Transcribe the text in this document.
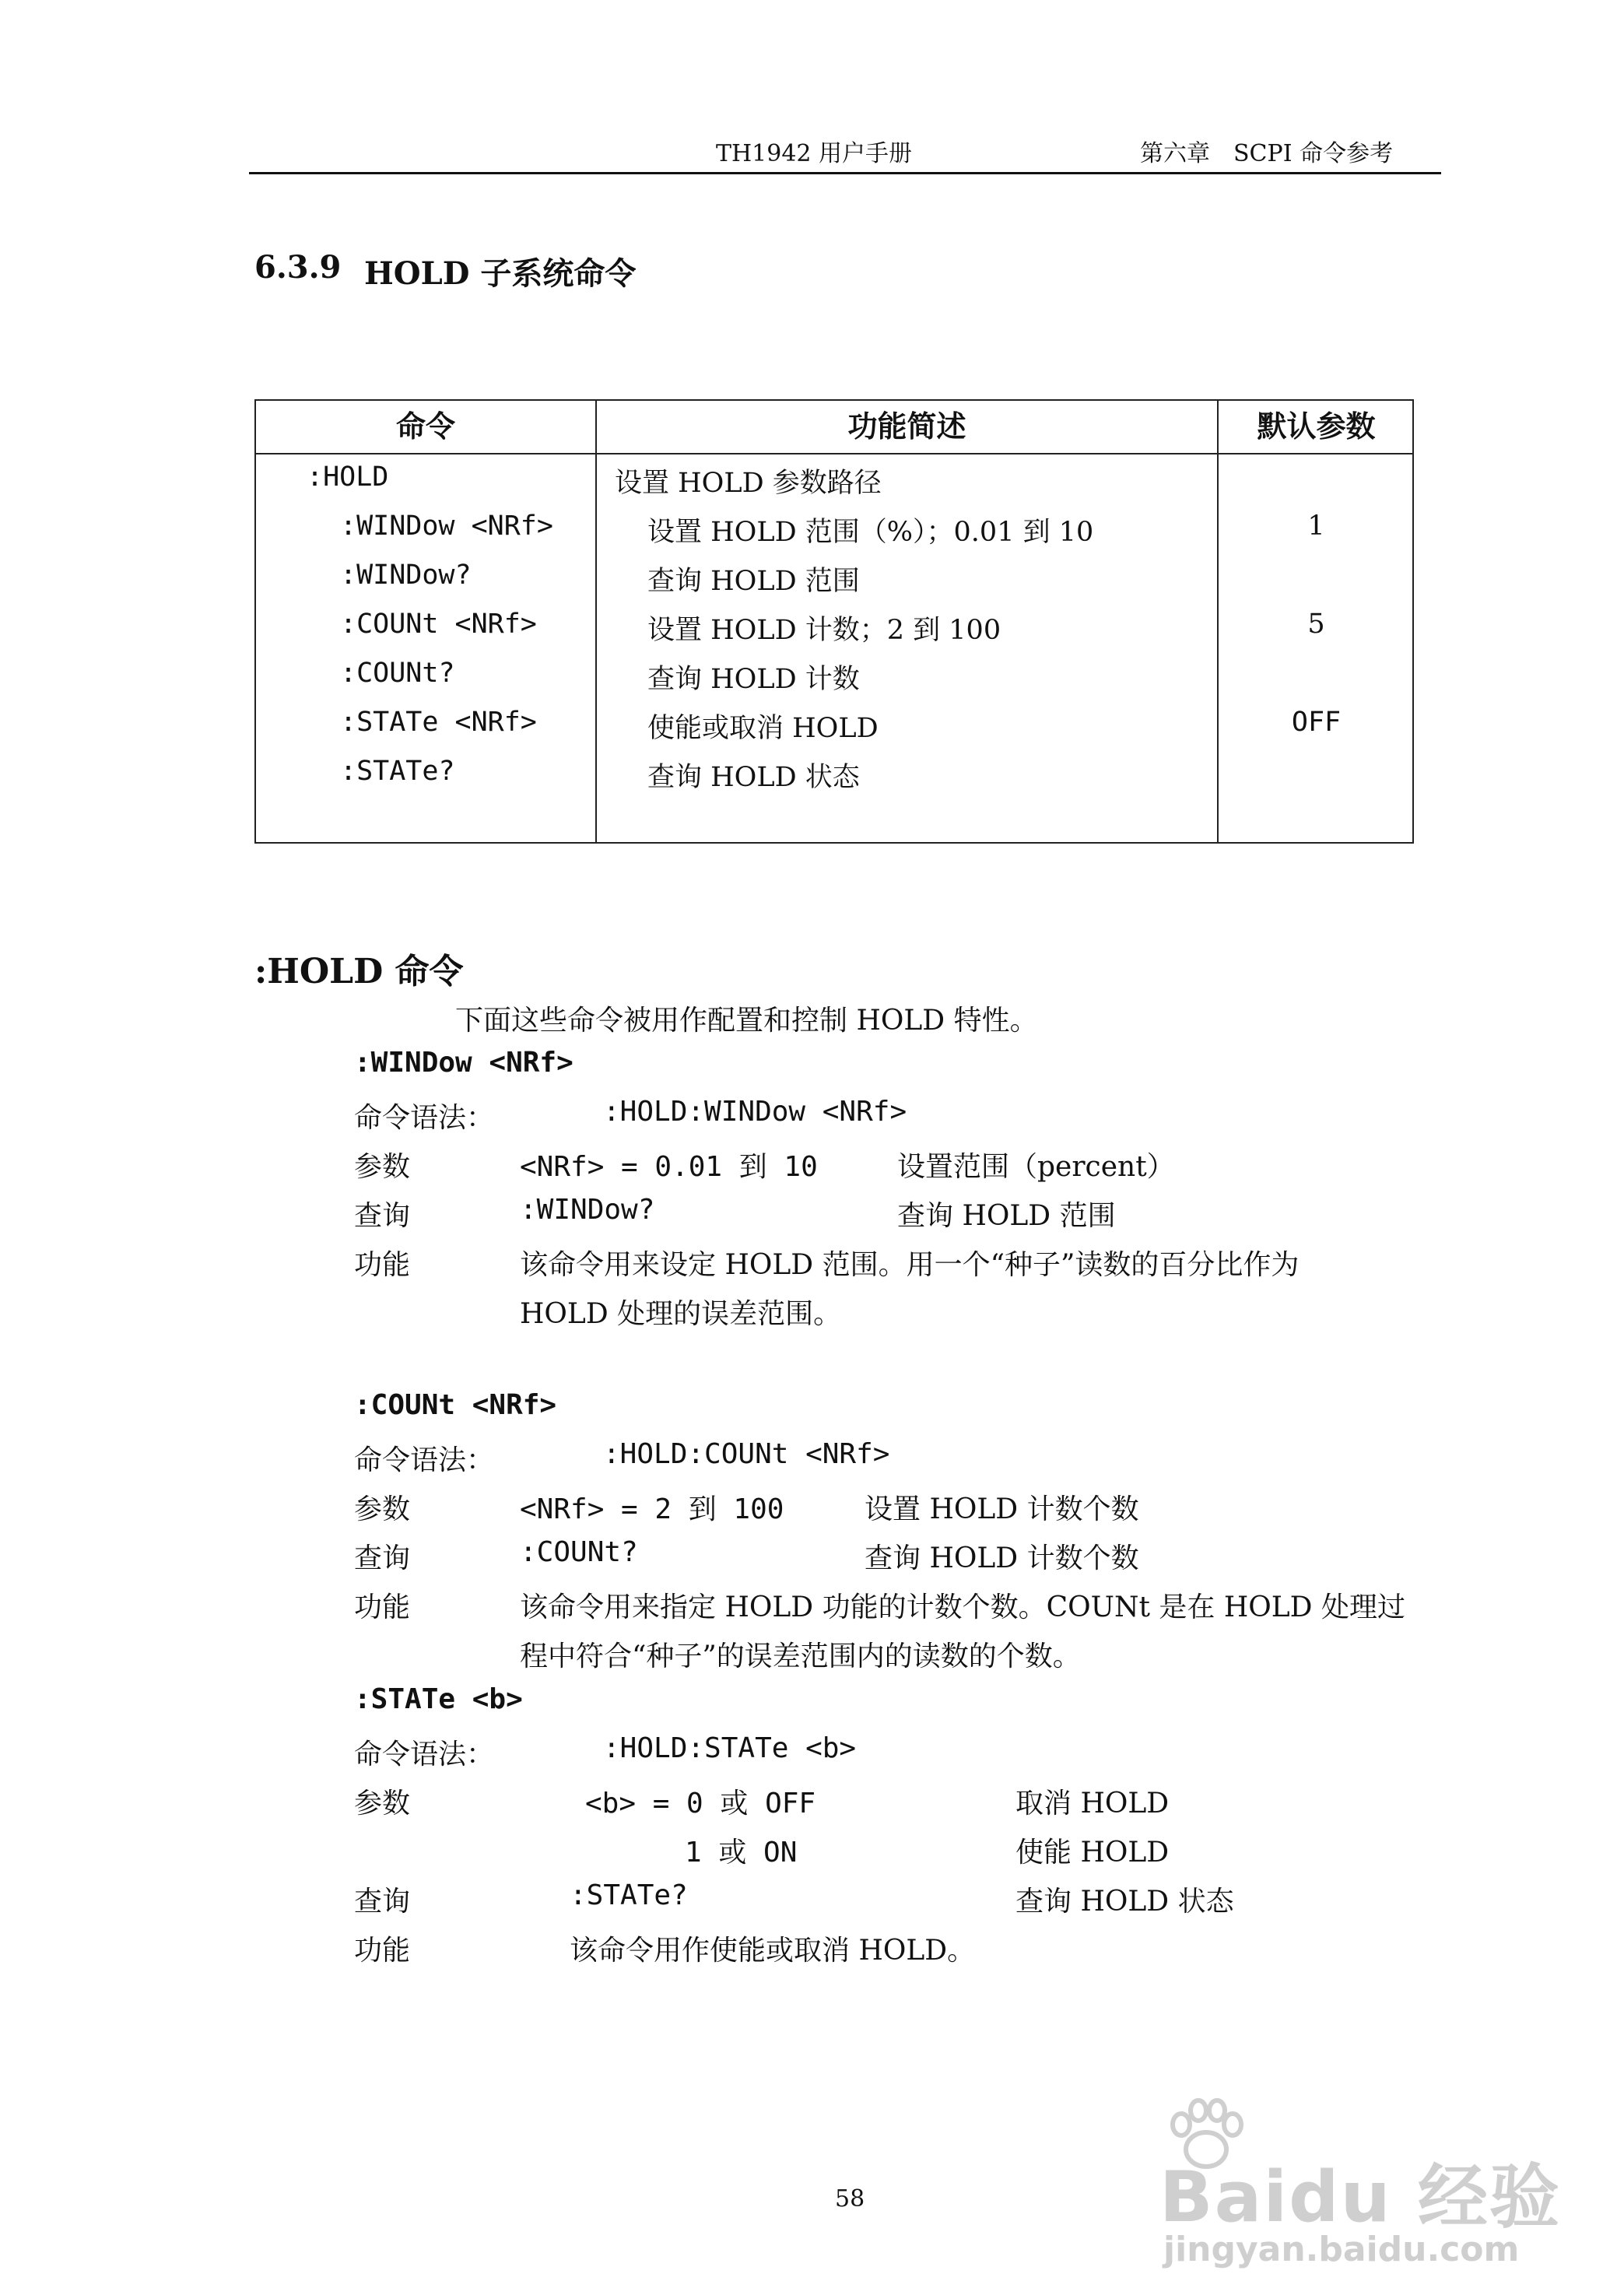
TH1942 用户手册	第六章　SCPI 命令参考
6.3.9 HOLD 子系统命令
命令	功能简述	默认参数
:HOLD	设置 HOLD 参数路径
:WINDow <NRf>	设置 HOLD 范围（%）；0.01 到 10	1
:WINDow?	查询 HOLD 范围
:COUNt <NRf>	设置 HOLD 计数；2 到 100	5
:COUNt?	查询 HOLD 计数
:STATe <NRf>	使能或取消 HOLD	OFF
:STATe?	查询 HOLD 状态
:HOLD 命令
下面这些命令被用作配置和控制 HOLD 特性。
:WINDow <NRf>
命令语法：	:HOLD:WINDow <NRf>
参数	<NRf> = 0.01 到 10	设置范围（percent）
查询	:WINDow?	查询 HOLD 范围
功能	该命令用来设定 HOLD 范围。用一个“种子”读数的百分比作为
HOLD 处理的误差范围。
:COUNt <NRf>
命令语法：	:HOLD:COUNt <NRf>
参数	<NRf> = 2 到 100	设置 HOLD 计数个数
查询	:COUNt?	查询 HOLD 计数个数
功能	该命令用来指定 HOLD 功能的计数个数。COUNt 是在 HOLD 处理过
程中符合“种子”的误差范围内的读数的个数。
:STATe <b>
命令语法：	:HOLD:STATe <b>
参数	<b> = 0 或 OFF	取消 HOLD
1 或 ON	使能 HOLD
查询	:STATe?	查询 HOLD 状态
功能	该命令用作使能或取消 HOLD。
58	Baidu 经验
jingyan.baidu.com
